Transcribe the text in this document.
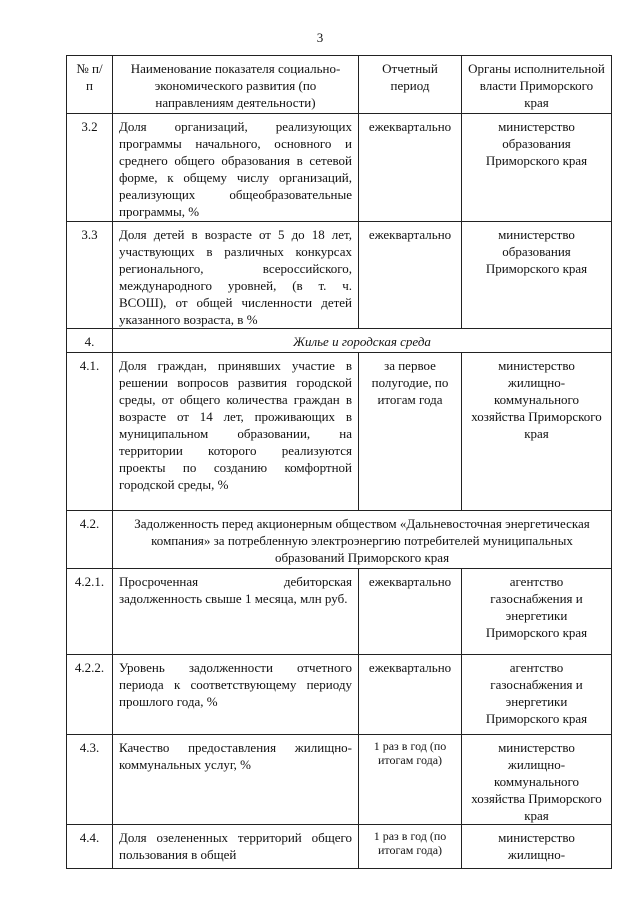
3
№ п/п	Наименование показателя социально-экономического развития (по направлениям деятельности)	Отчетный период	Органы исполнительной власти Приморского края
3.2	Доля организаций, реализующих программы начального, основного и среднего общего образования в сетевой форме, к общему числу организаций, реализующих общеобразовательные программы, %	ежеквартально	министерство образования Приморского края
3.3	Доля детей в возрасте от 5 до 18 лет, участвующих в различных конкурсах регионального, всероссийского, международного уровней, (в т. ч. ВСОШ), от общей численности детей указанного возраста, в %	ежеквартально	министерство образования Приморского края
4.	Жилье и городская среда		
4.1.	Доля граждан, принявших участие в решении вопросов развития городской среды, от общего количества граждан в возрасте от 14 лет, проживающих в муниципальном образовании, на территории которого реализуются проекты по созданию комфортной городской среды, %	за первое полугодие, по итогам года	министерство жилищно-коммунального хозяйства Приморского края
4.2.	Задолженность перед акционерным обществом «Дальневосточная энергетическая компания» за потребленную электроэнергию потребителей муниципальных образований Приморского края		
4.2.1.	Просроченная дебиторская задолженность свыше 1 месяца, млн руб.	ежеквартально	агентство газоснабжения и энергетики Приморского края
4.2.2.	Уровень задолженности отчетного периода к соответствующему периоду прошлого года, %	ежеквартально	агентство газоснабжения и энергетики Приморского края
4.3.	Качество предоставления жилищно-коммунальных услуг, %	1 раз в год (по итогам года)	министерство жилищно-коммунального хозяйства Приморского края
4.4.	Доля озелененных территорий общего пользования в общей	1 раз в год (по итогам года)	министерство жилищно-
